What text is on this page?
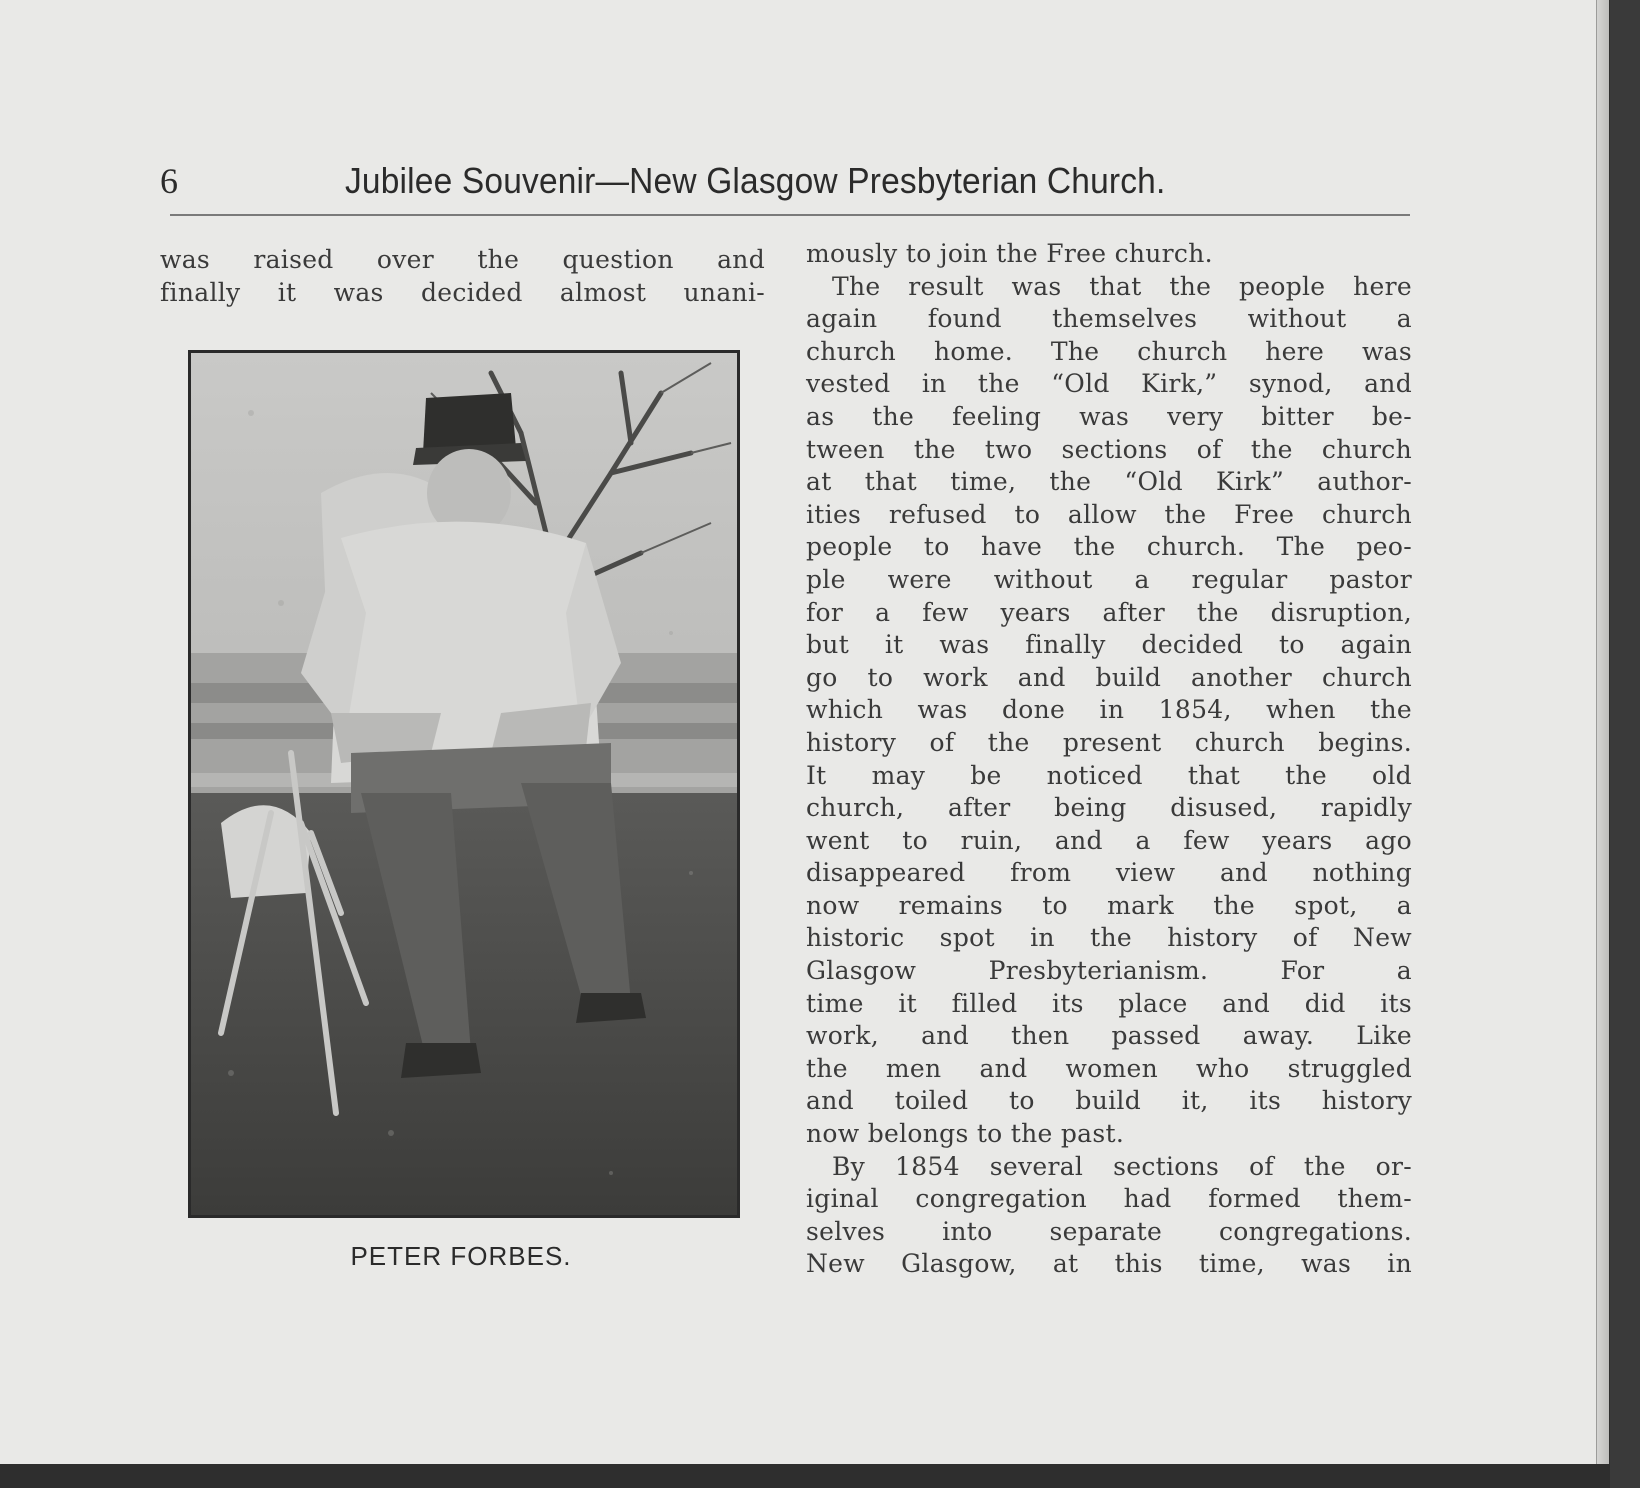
6	Jubilee Souvenir—New Glasgow Presbyterian Church.
was raised over the question and
finally it was decided almost unani-
PETER FORBES.
mously to join the Free church.
The result was that the people here
again found themselves without a
church home. The church here was
vested in the “Old Kirk,” synod, and
as the feeling was very bitter be-
tween the two sections of the church
at that time, the “Old Kirk” author-
ities refused to allow the Free church
people to have the church. The peo-
ple were without a regular pastor
for a few years after the disruption,
but it was finally decided to again
go to work and build another church
which was done in 1854, when the
history of the present church begins.
It may be noticed that the old
church, after being disused, rapidly
went to ruin, and a few years ago
disappeared from view and nothing
now remains to mark the spot, a
historic spot in the history of New
Glasgow Presbyterianism. For a
time it filled its place and did its
work, and then passed away. Like
the men and women who struggled
and toiled to build it, its history
now belongs to the past.
By 1854 several sections of the or-
iginal congregation had formed them-
selves into separate congregations.
New Glasgow, at this time, was in
